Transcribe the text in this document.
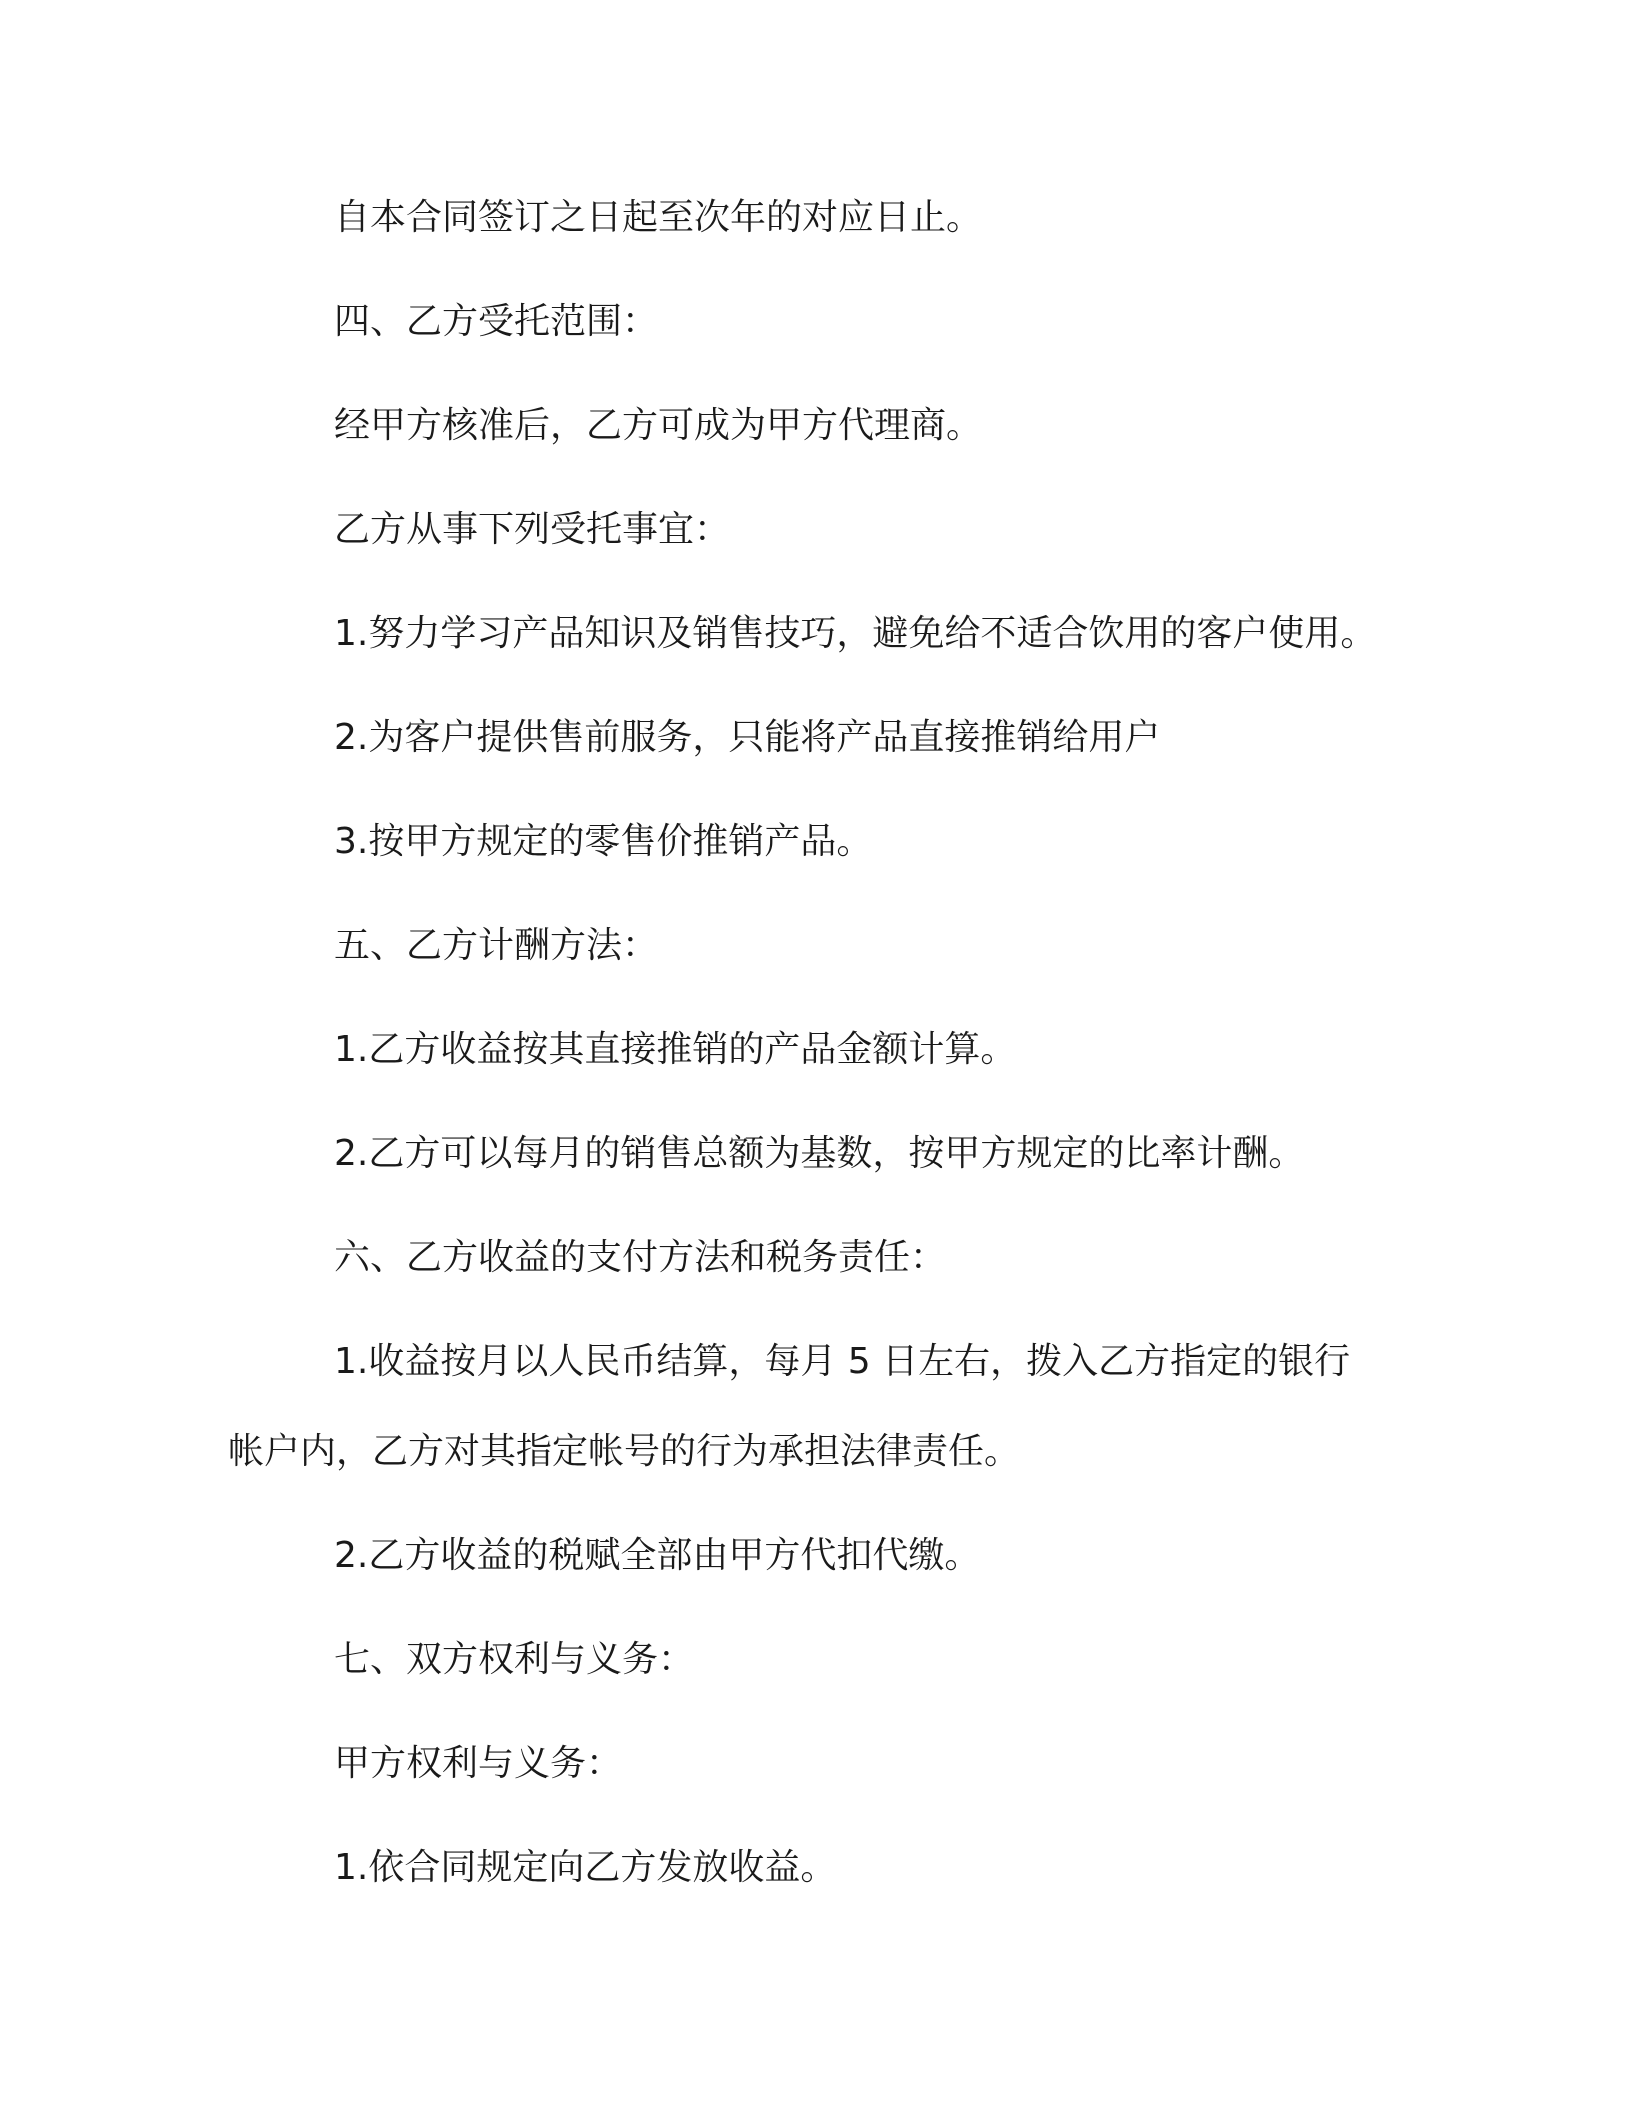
自本合同签订之日起至次年的对应日止。

四、乙方受托范围：

经甲方核准后，乙方可成为甲方代理商。

乙方从事下列受托事宜：

1.努力学习产品知识及销售技巧，避免给不适合饮用的客户使用。

2.为客户提供售前服务，只能将产品直接推销给用户

3.按甲方规定的零售价推销产品。

五、乙方计酬方法：

1.乙方收益按其直接推销的产品金额计算。

2.乙方可以每月的销售总额为基数，按甲方规定的比率计酬。

六、乙方收益的支付方法和税务责任：

1.收益按月以人民币结算，每月 5 日左右，拨入乙方指定的银行

帐户内，乙方对其指定帐号的行为承担法律责任。

2.乙方收益的税赋全部由甲方代扣代缴。

七、双方权利与义务：

甲方权利与义务：

1.依合同规定向乙方发放收益。
